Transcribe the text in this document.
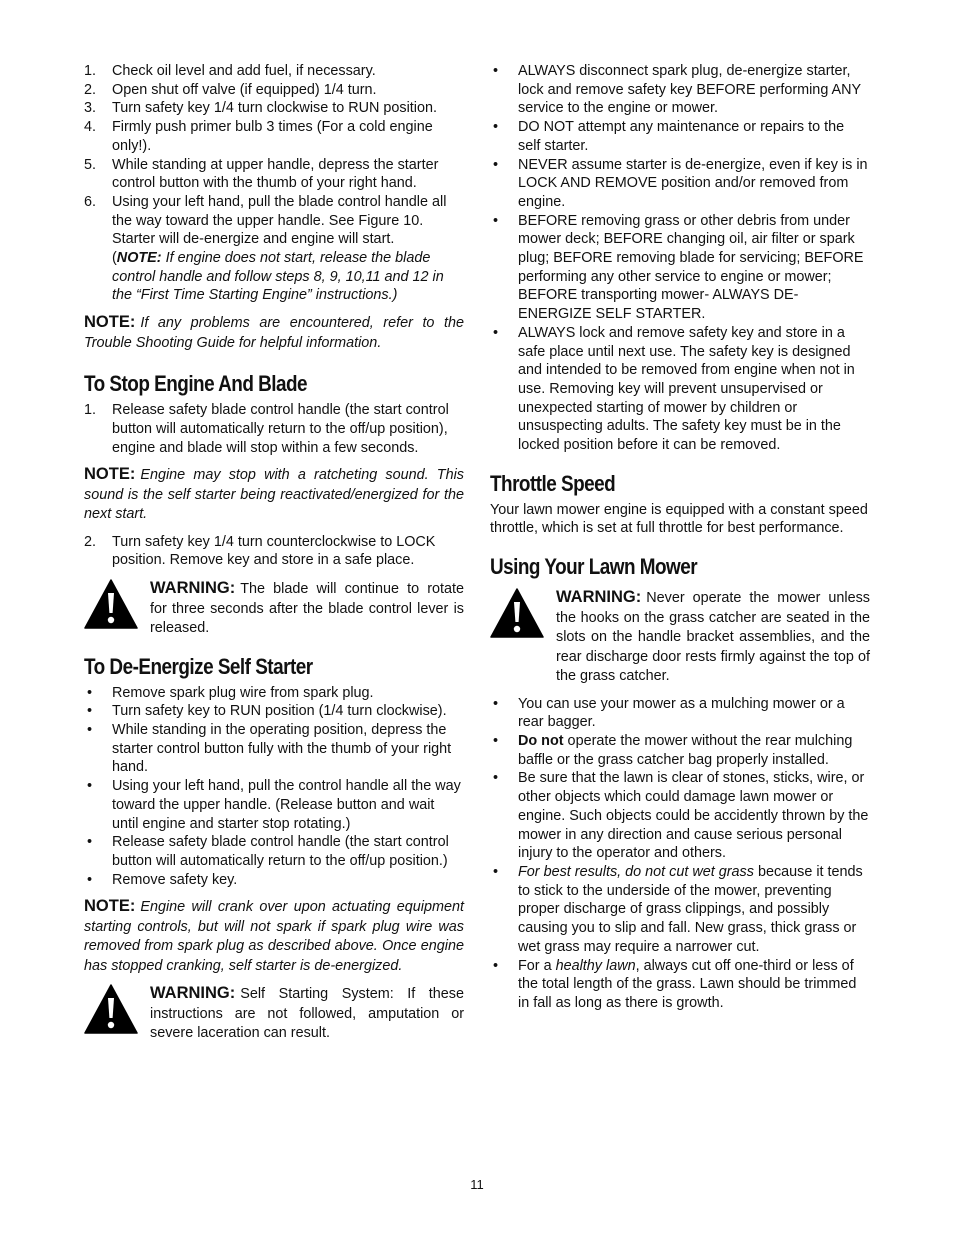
1. Check oil level and add fuel, if necessary.
2. Open shut off valve (if equipped) 1/4 turn.
3. Turn safety key 1/4 turn clockwise to RUN position.
4. Firmly push primer bulb 3 times (For a cold engine only!).
5. While standing at upper handle, depress the starter control button with the thumb of your right hand.
6. Using your left hand, pull the blade control handle all the way toward the upper handle. See Figure 10. Starter will de-energize and engine will start.
(NOTE: If engine does not start, release the blade control handle and follow steps 8, 9, 10,11 and 12 in the “First Time Starting Engine” instructions.)

NOTE: If any problems are encountered, refer to the Trouble Shooting Guide for helpful information.

To Stop Engine And Blade
1. Release safety blade control handle (the start control button will automatically return to the off/up position), engine and blade will stop within a few seconds.

NOTE: Engine may stop with a ratcheting sound. This sound is the self starter being reactivated/energized for the next start.

2. Turn safety key 1/4 turn counterclockwise to LOCK position. Remove key and store in a safe place.

WARNING: The blade will continue to rotate for three seconds after the blade control lever is released.

To De-Energize Self Starter
• Remove spark plug wire from spark plug.
• Turn safety key to RUN position (1/4 turn clockwise).
• While standing in the operating position, depress the starter control button fully with the thumb of your right hand.
• Using your left hand, pull the control handle all the way toward the upper handle. (Release button and wait until engine and starter stop rotating.)
• Release safety blade control handle (the start control button will automatically return to the off/up position.)
• Remove safety key.

NOTE: Engine will crank over upon actuating equipment starting controls, but will not spark if spark plug wire was removed from spark plug as described above. Once engine has stopped cranking, self starter is de-energized.

WARNING: Self Starting System: If these instructions are not followed, amputation or severe laceration can result.

• ALWAYS disconnect spark plug, de-energize starter, lock and remove safety key BEFORE performing ANY service to the engine or mower.
• DO NOT attempt any maintenance or repairs to the self starter.
• NEVER assume starter is de-energize, even if key is in LOCK AND REMOVE position and/or removed from engine.
• BEFORE removing grass or other debris from under mower deck; BEFORE changing oil, air filter or spark plug; BEFORE removing blade for servicing; BEFORE performing any other service to engine or mower; BEFORE transporting mower- ALWAYS DE-ENERGIZE SELF STARTER.
• ALWAYS lock and remove safety key and store in a safe place until next use. The safety key is designed and intended to be removed from engine when not in use. Removing key will prevent unsupervised or unexpected starting of mower by children or unsuspecting adults. The safety key must be in the locked position before it can be removed.
Throttle Speed

Your lawn mower engine is equipped with a constant speed throttle, which is set at full throttle for best performance.

Using Your Lawn Mower

WARNING: Never operate the mower unless the hooks on the grass catcher are seated in the slots on the handle bracket assemblies, and the rear discharge door rests firmly against the top of the grass catcher.

• You can use your mower as a mulching mower or a rear bagger.
• Do not operate the mower without the rear mulching baffle or the grass catcher bag properly installed.
• Be sure that the lawn is clear of stones, sticks, wire, or other objects which could damage lawn mower or engine. Such objects could be accidently thrown by the mower in any direction and cause serious personal injury to the operator and others.
• For best results, do not cut wet grass because it tends to stick to the underside of the mower, preventing proper discharge of grass clippings, and possibly causing you to slip and fall. New grass, thick grass or wet grass may require a narrower cut.
• For a healthy lawn, always cut off one-third or less of the total length of the grass. Lawn should be trimmed in fall as long as there is growth.
11
